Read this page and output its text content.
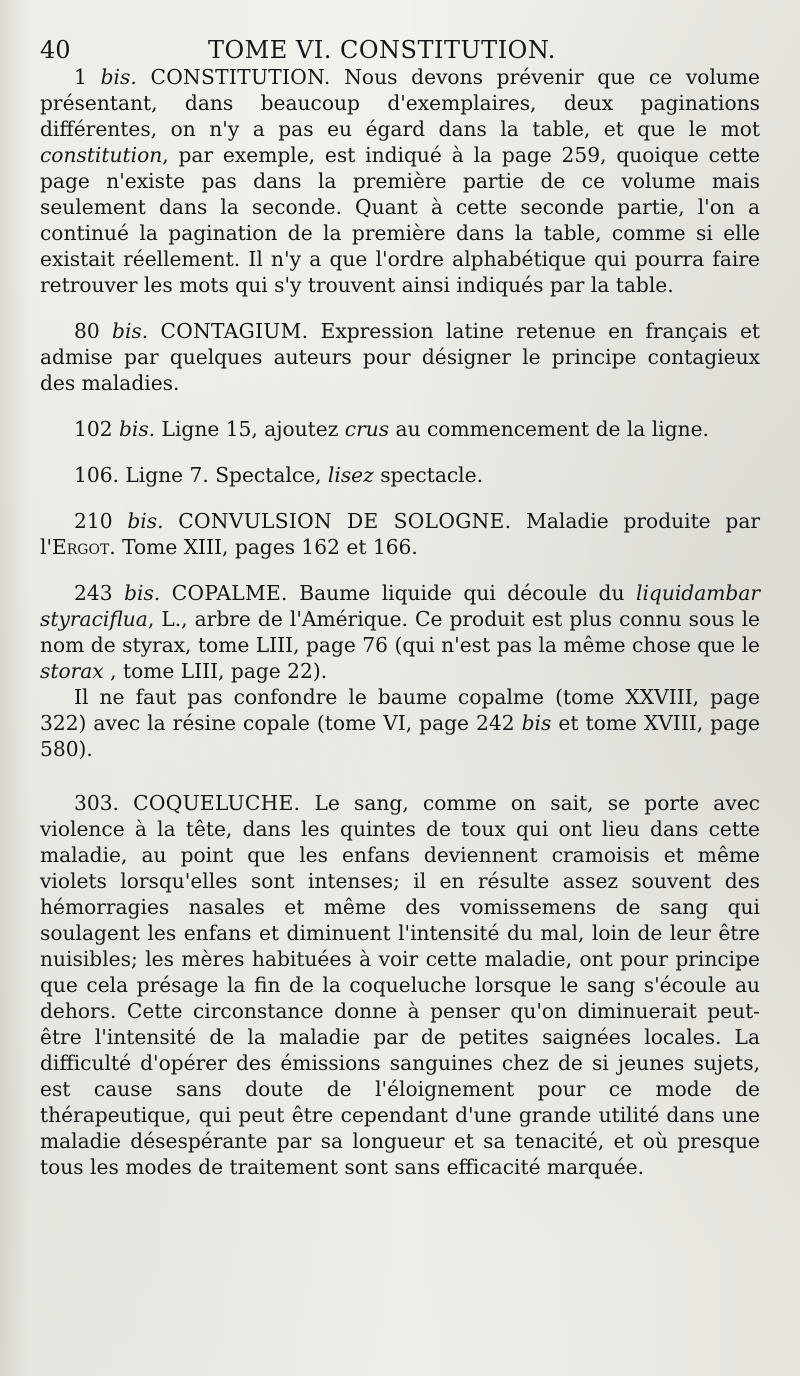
40	TOME VI. CONSTITUTION.

1 bis. CONSTITUTION. Nous devons prévenir que ce volume présentant, dans beaucoup d'exemplaires, deux paginations différentes, on n'y a pas eu égard dans la table, et que le mot constitution, par exemple, est indiqué à la page 259, quoique cette page n'existe pas dans la première partie de ce volume mais seulement dans la seconde. Quant à cette seconde partie, l'on a continué la pagination de la première dans la table, comme si elle existait réellement. Il n'y a que l'ordre alphabétique qui pourra faire retrouver les mots qui s'y trouvent ainsi indiqués par la table.

80 bis. CONTAGIUM. Expression latine retenue en français et admise par quelques auteurs pour désigner le principe contagieux des maladies.

102 bis. Ligne 15, ajoutez crus au commencement de la ligne.

106. Ligne 7. Spectalce, lisez spectacle.

210 bis. CONVULSION DE SOLOGNE. Maladie produite par l'Ergot. Tome XIII, pages 162 et 166.

243 bis. COPALME. Baume liquide qui découle du liquidambar styraciflua, L., arbre de l'Amérique. Ce produit est plus connu sous le nom de styrax, tome LIII, page 76 (qui n'est pas la même chose que le storax , tome LIII, page 22).

Il ne faut pas confondre le baume copalme (tome XXVIII, page 322) avec la résine copale (tome VI, page 242 bis et tome XVIII, page 580).

303. COQUELUCHE. Le sang, comme on sait, se porte avec violence à la tête, dans les quintes de toux qui ont lieu dans cette maladie, au point que les enfans deviennent cramoisis et même violets lorsqu'elles sont intenses; il en résulte assez souvent des hémorragies nasales et même des vomissemens de sang qui soulagent les enfans et diminuent l'intensité du mal, loin de leur être nuisibles; les mères habituées à voir cette maladie, ont pour principe que cela présage la fin de la coqueluche lorsque le sang s'écoule au dehors. Cette circonstance donne à penser qu'on diminuerait peut-être l'intensité de la maladie par de petites saignées locales. La difficulté d'opérer des émissions sanguines chez de si jeunes sujets, est cause sans doute de l'éloignement pour ce mode de thérapeutique, qui peut être cependant d'une grande utilité dans une maladie désespérante par sa longueur et sa tenacité, et où presque tous les modes de traitement sont sans efficacité marquée.
